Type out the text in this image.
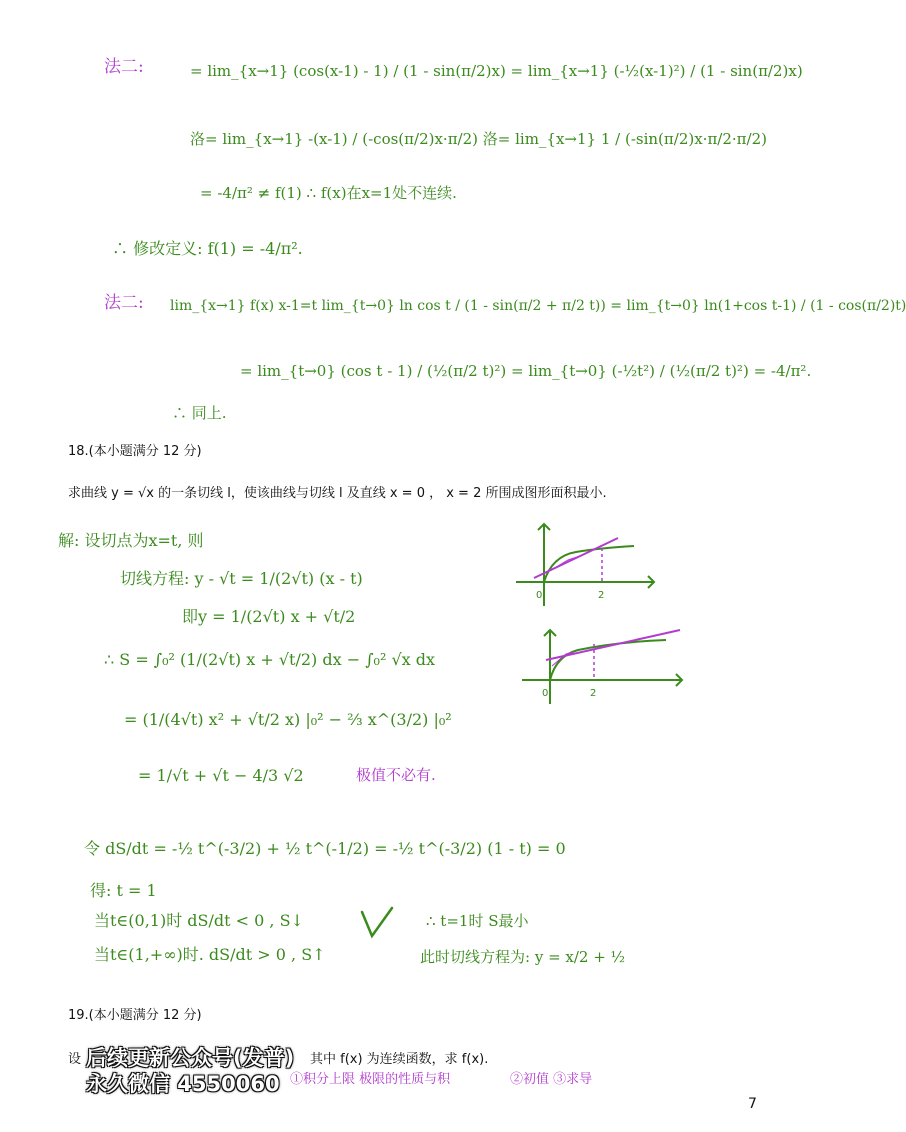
法二:	= lim_{x→1} (cos(x-1) - 1) / (1 - sin(π/2)x) = lim_{x→1} (-½(x-1)²) / (1 - sin(π/2)x)
洛= lim_{x→1} -(x-1) / (-cos(π/2)x·π/2) 洛= lim_{x→1} 1 / (-sin(π/2)x·π/2·π/2)
= -4/π² ≠ f(1) ∴ f(x)在x=1处不连续.
∴ 修改定义: f(1) = -4/π².
法二: lim_{x→1} f(x) x-1=t lim_{t→0} ln cos t / (1 - sin(π/2 + π/2 t)) = lim_{t→0} ln(1+cos t-1) / (1 - cos(π/2)t)
= lim_{t→0} (cos t - 1) / (½(π/2 t)²) = lim_{t→0} (-½t²) / (½(π/2 t)²) = -4/π².
∴ 同上.
18.(本小题满分 12 分)
求曲线 y = √x 的一条切线 l，使该曲线与切线 l 及直线 x = 0 ， x = 2 所围成图形面积最小.
解: 设切点为x=t, 则
切线方程: y - √t = 1/(2√t) (x - t)
即y = 1/(2√t) x + √t/2
∴ S = ∫₀² (1/(2√t) x + √t/2) dx − ∫₀² √x dx
= (1/(4√t) x² + √t/2 x) |₀² − ⅔ x^(3/2) |₀²
= 1/√t + √t − 4/3 √2	极值不必有.
令 dS/dt = -½ t^(-3/2) + ½ t^(-1/2) = -½ t^(-3/2) (1 - t) = 0
得: t = 1
当t∈(0,1)时 dS/dt < 0 , S↓
当t∈(1,+∞)时. dS/dt > 0 , S↑
∴ t=1时 S最小
此时切线方程为: y = x/2 + ½
0	2
0	2
19.(本小题满分 12 分)
设	其中 f(x) 为连续函数，求 f(x).
①积分上限 极限的性质与积	②初值 ③求导
后续更新公众号(发普)
永久微信 4550060
7
